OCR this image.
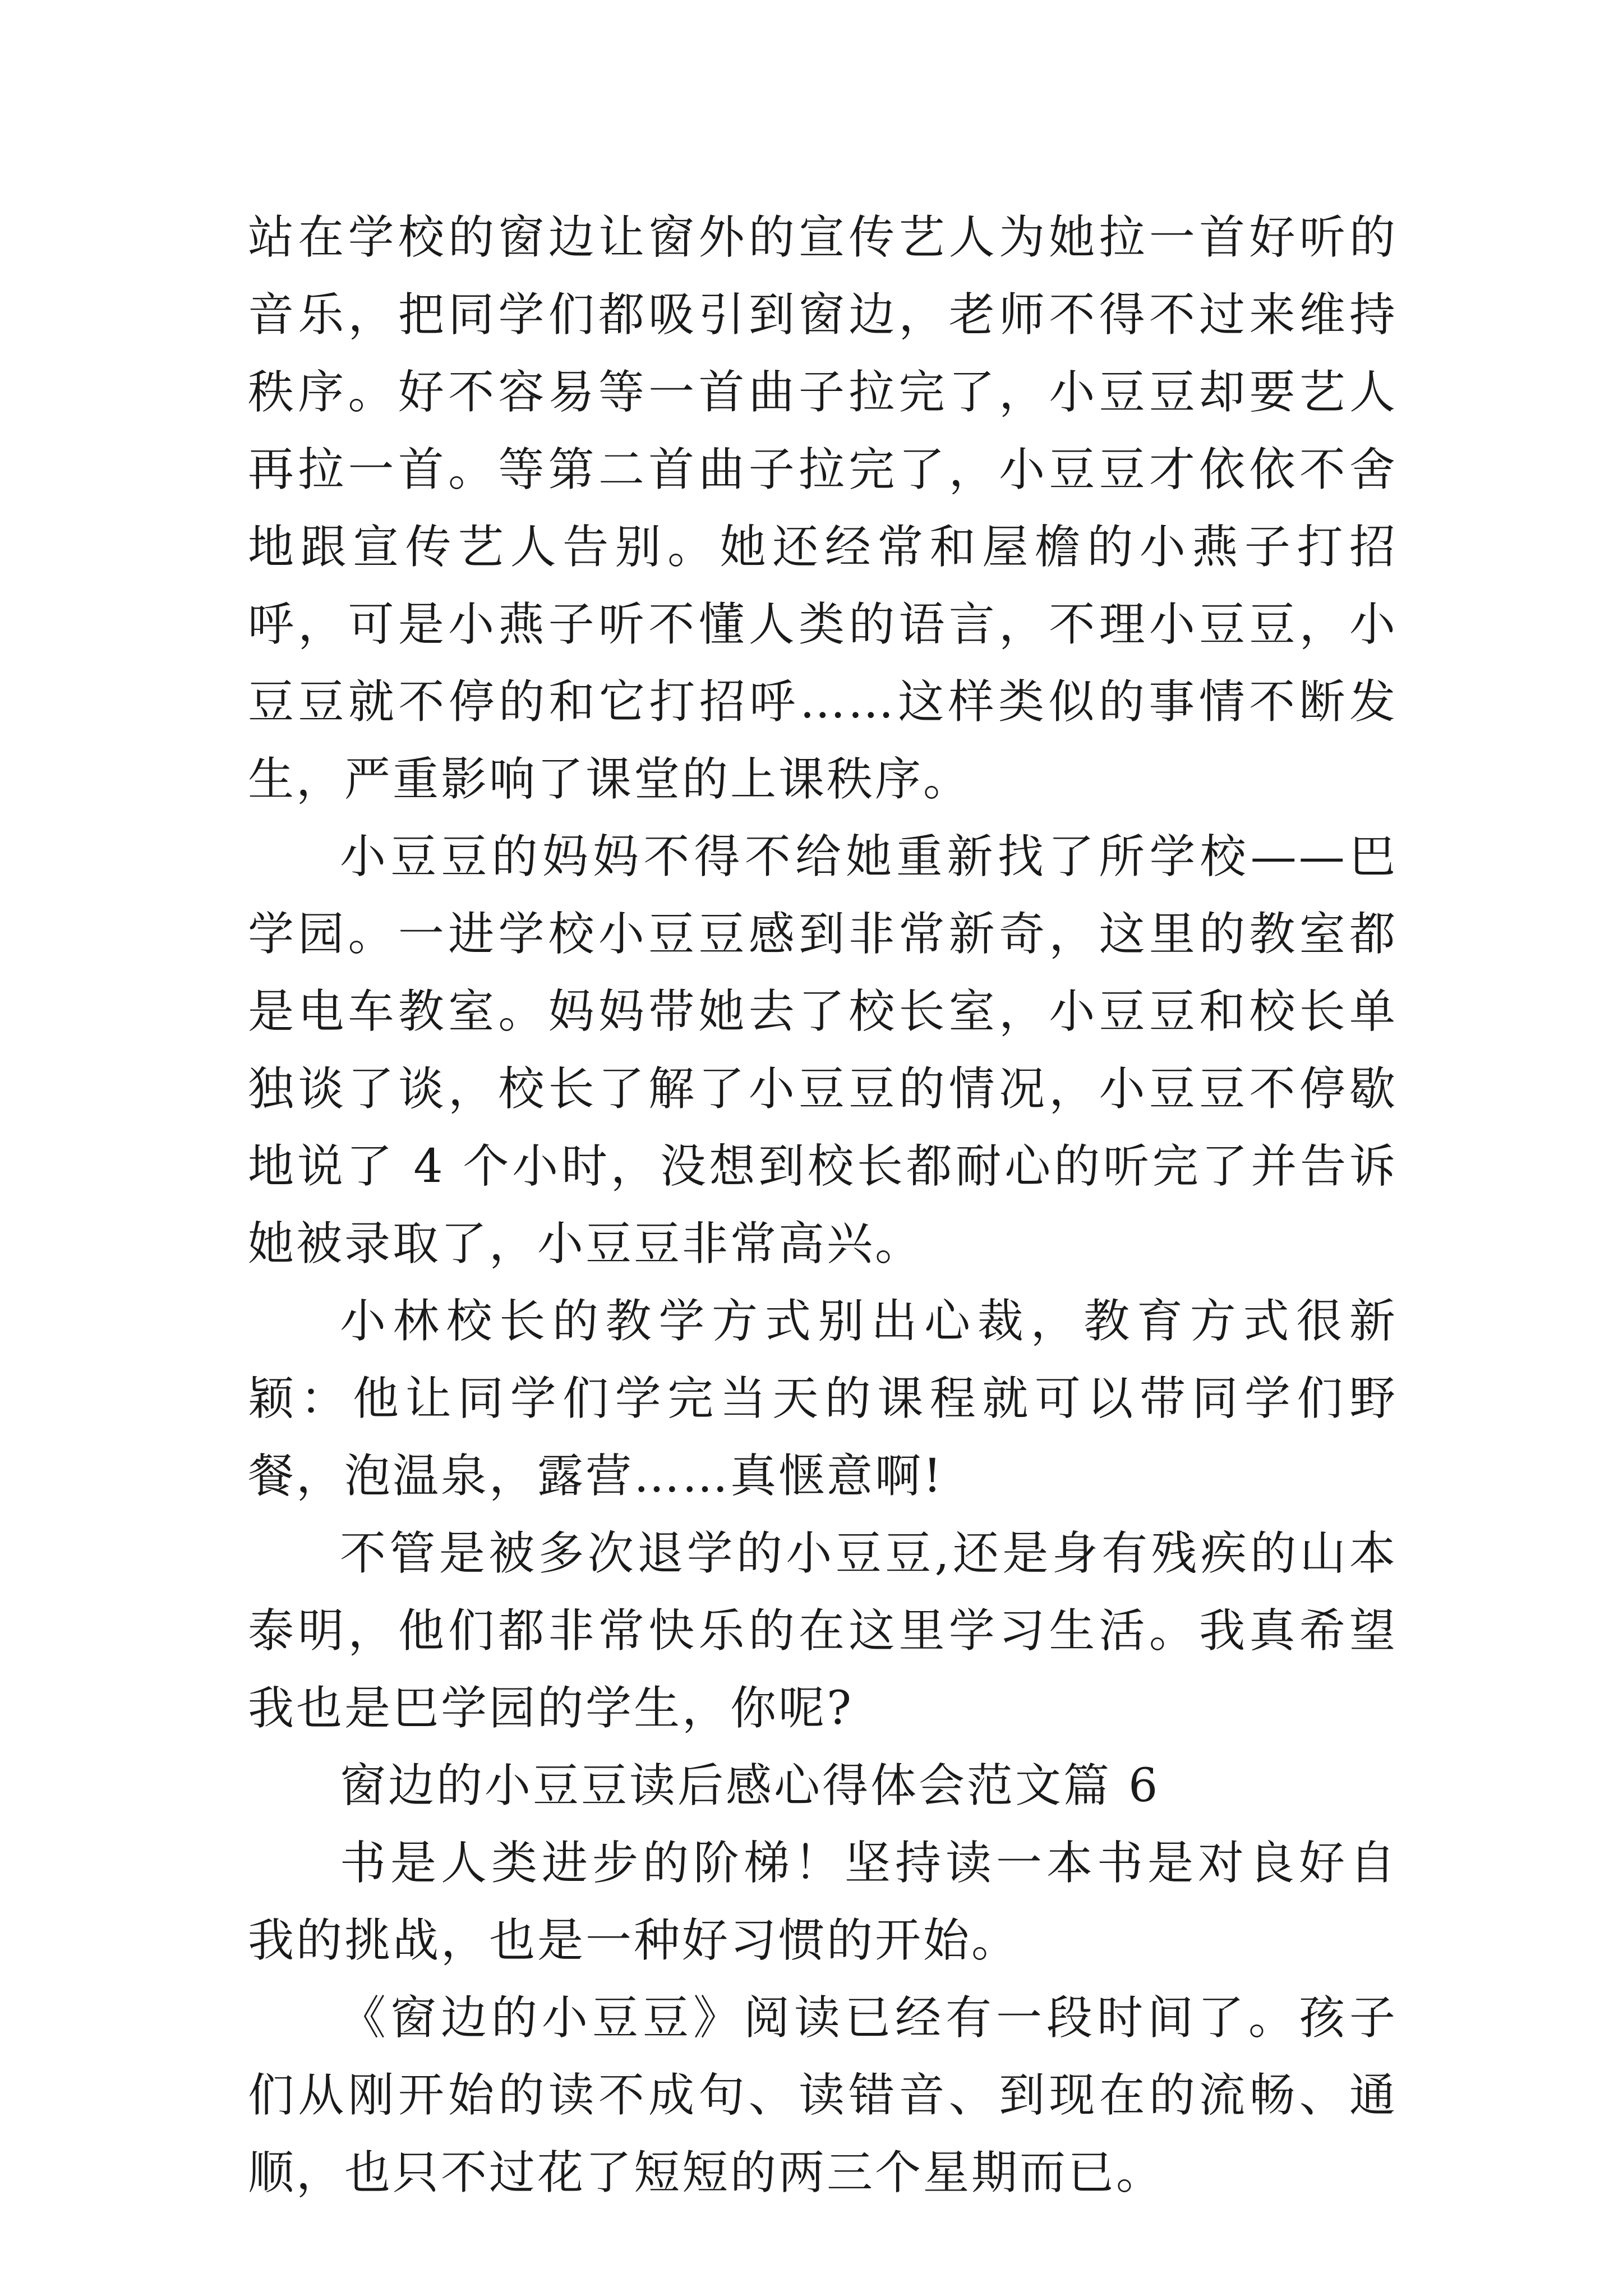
站在学校的窗边让窗外的宣传艺人为她拉一首好听的音乐，把同学们都吸引到窗边，老师不得不过来维持秩序。好不容易等一首曲子拉完了，小豆豆却要艺人再拉一首。等第二首曲子拉完了，小豆豆才依依不舍地跟宣传艺人告别。她还经常和屋檐的小燕子打招呼，可是小燕子听不懂人类的语言，不理小豆豆，小豆豆就不停的和它打招呼……这样类似的事情不断发生，严重影响了课堂的上课秩序。

小豆豆的妈妈不得不给她重新找了所学校——巴学园。一进学校小豆豆感到非常新奇，这里的教室都是电车教室。妈妈带她去了校长室，小豆豆和校长单独谈了谈，校长了解了小豆豆的情况，小豆豆不停歇地说了 4 个小时，没想到校长都耐心的听完了并告诉她被录取了，小豆豆非常高兴。

小林校长的教学方式别出心裁，教育方式很新颖：他让同学们学完当天的课程就可以带同学们野餐，泡温泉，露营……真惬意啊!

不管是被多次退学的小豆豆,还是身有残疾的山本泰明，他们都非常快乐的在这里学习生活。我真希望我也是巴学园的学生，你呢?

窗边的小豆豆读后感心得体会范文篇 6

书是人类进步的阶梯！坚持读一本书是对良好自我的挑战，也是一种好习惯的开始。

《窗边的小豆豆》阅读已经有一段时间了。孩子们从刚开始的读不成句、读错音、到现在的流畅、通顺，也只不过花了短短的两三个星期而已。
